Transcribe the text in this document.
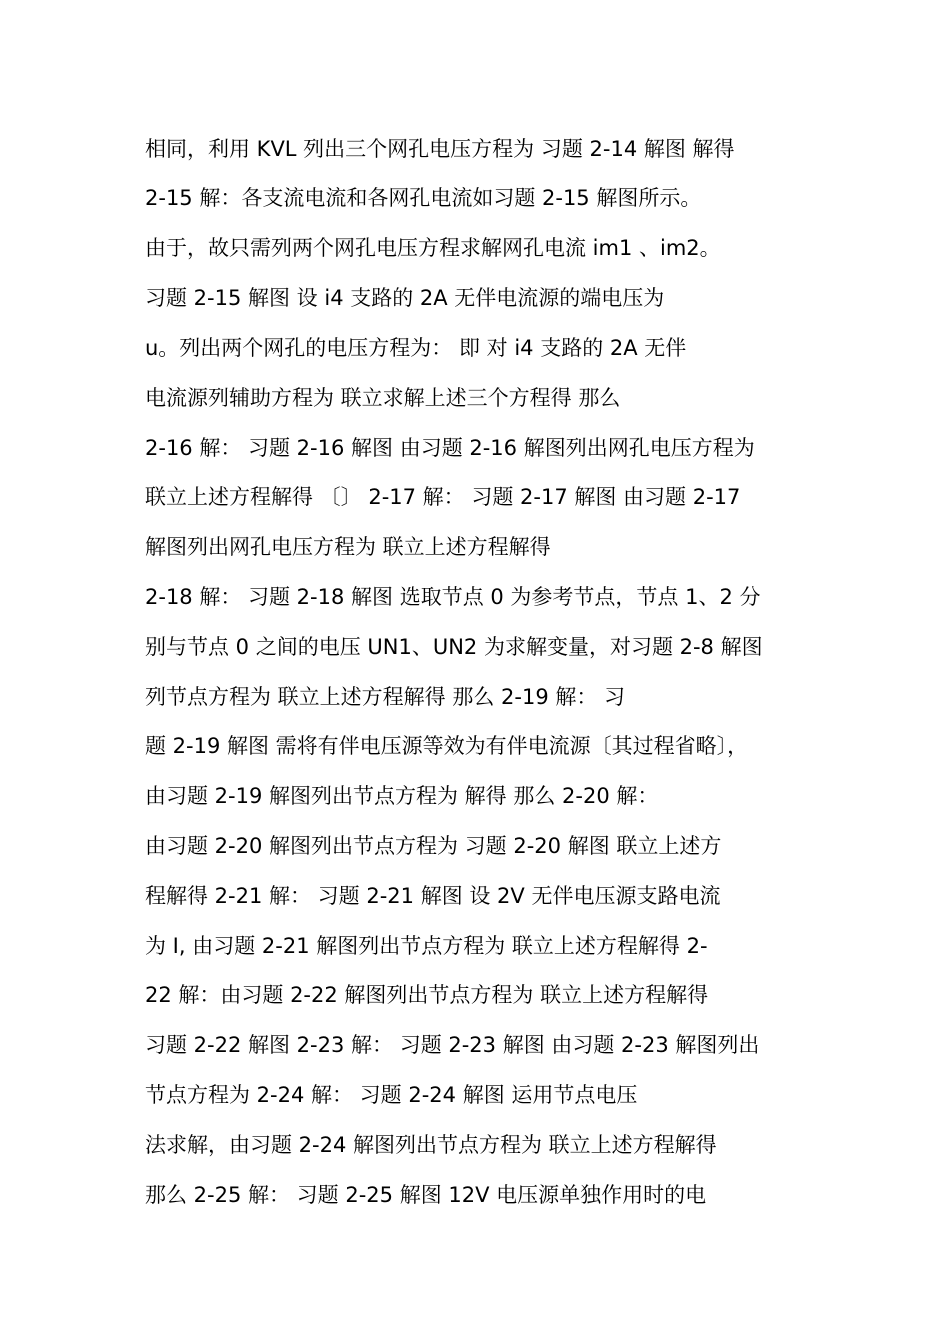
相同，利用 KVL 列出三个网孔电压方程为 习题 2-14 解图 解得
2-15 解：各支流电流和各网孔电流如习题 2-15 解图所示。
由于，故只需列两个网孔电压方程求解网孔电流 im1 、im2。
习题 2-15 解图 设 i4 支路的 2A 无伴电流源的端电压为
u。列出两个网孔的电压方程为： 即 对 i4 支路的 2A 无伴
电流源列辅助方程为 联立求解上述三个方程得 那么
2-16 解： 习题 2-16 解图 由习题 2-16 解图列出网孔电压方程为
联立上述方程解得 〔〕 2-17 解： 习题 2-17 解图 由习题 2-17
解图列出网孔电压方程为 联立上述方程解得
2-18 解： 习题 2-18 解图 选取节点 0 为参考节点，节点 1、2 分
别与节点 0 之间的电压 UN1、UN2 为求解变量，对习题 2-8 解图
列节点方程为 联立上述方程解得 那么 2-19 解： 习
题 2-19 解图 需将有伴电压源等效为有伴电流源〔其过程省略〕，
由习题 2-19 解图列出节点方程为 解得 那么 2-20 解：
由习题 2-20 解图列出节点方程为 习题 2-20 解图 联立上述方
程解得 2-21 解： 习题 2-21 解图 设 2V 无伴电压源支路电流
为 I, 由习题 2-21 解图列出节点方程为 联立上述方程解得 2-
22 解：由习题 2-22 解图列出节点方程为 联立上述方程解得
习题 2-22 解图 2-23 解： 习题 2-23 解图 由习题 2-23 解图列出
节点方程为 2-24 解： 习题 2-24 解图 运用节点电压
法求解，由习题 2-24 解图列出节点方程为 联立上述方程解得
那么 2-25 解： 习题 2-25 解图 12V 电压源单独作用时的电
